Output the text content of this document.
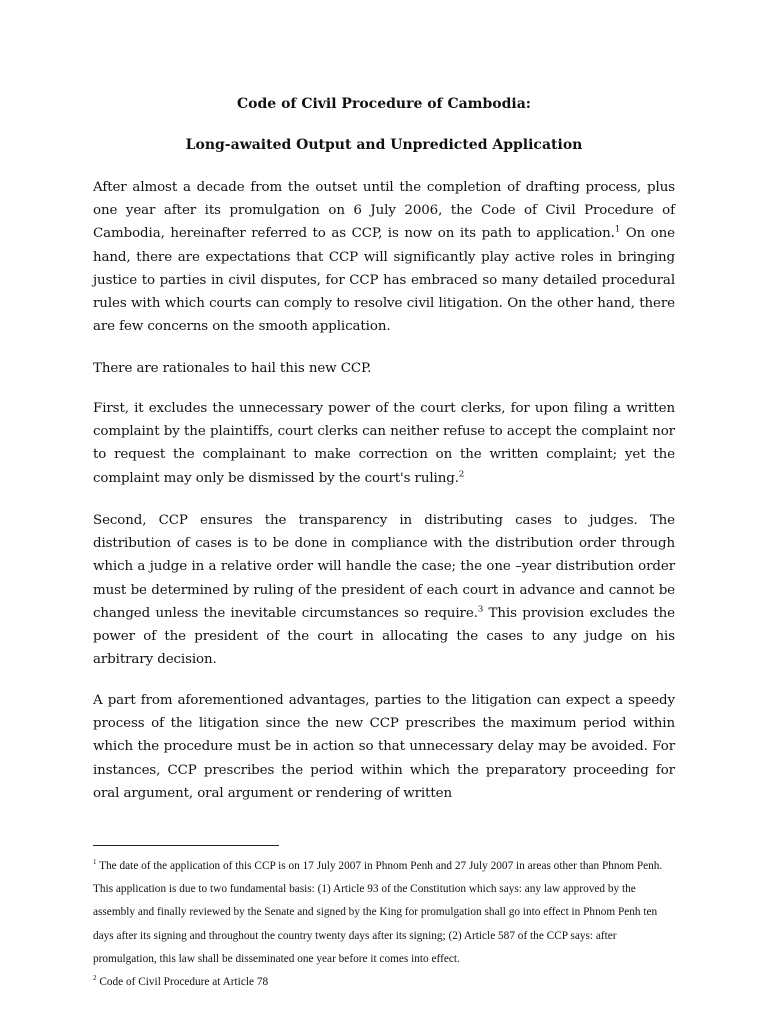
Code of Civil Procedure of Cambodia:
Long-awaited Output and Unpredicted Application
After almost a decade from the outset until the completion of drafting process, plus one year after its promulgation on 6 July 2006, the Code of Civil Procedure of Cambodia, hereinafter referred to as CCP, is now on its path to application.$^1$ On one hand, there are expectations that CCP will significantly play active roles in bringing justice to parties in civil disputes, for CCP has embraced so many detailed procedural rules with which courts can comply to resolve civil litigation. On the other hand, there are few concerns on the smooth application.
There are rationales to hail this new CCP.
First, it excludes the unnecessary power of the court clerks, for upon filing a written complaint by the plaintiffs, court clerks can neither refuse to accept the complaint nor to request the complainant to make correction on the written complaint; yet the complaint may only be dismissed by the court's ruling.$^2$
Second, CCP ensures the transparency in distributing cases to judges. The distribution of cases is to be done in compliance with the distribution order through which a judge in a relative order will handle the case; the one –year distribution order must be determined by ruling of the president of each court in advance and cannot be changed unless the inevitable circumstances so require.$^3$ This provision excludes the power of the president of the court in allocating the cases to any judge on his arbitrary decision.
A part from aforementioned advantages, parties to the litigation can expect a speedy process of the litigation since the new CCP prescribes the maximum period within which the procedure must be in action so that unnecessary delay may be avoided. For instances, CCP prescribes the period within which the preparatory proceeding for oral argument, oral argument or rendering of written

$^1$ The date of the application of this CCP is on 17 July 2007 in Phnom Penh and 27 July 2007 in areas other than Phnom Penh. This application is due to two fundamental basis: (1) Article 93 of the Constitution which says: any law approved by the assembly and finally reviewed by the Senate and signed by the King for promulgation shall go into effect in Phnom Penh ten days after its signing and throughout the country twenty days after its signing; (2) Article 587 of the CCP says: after promulgation, this law shall be disseminated one year before it comes into effect.

$^2$ Code of Civil Procedure at Article 78
